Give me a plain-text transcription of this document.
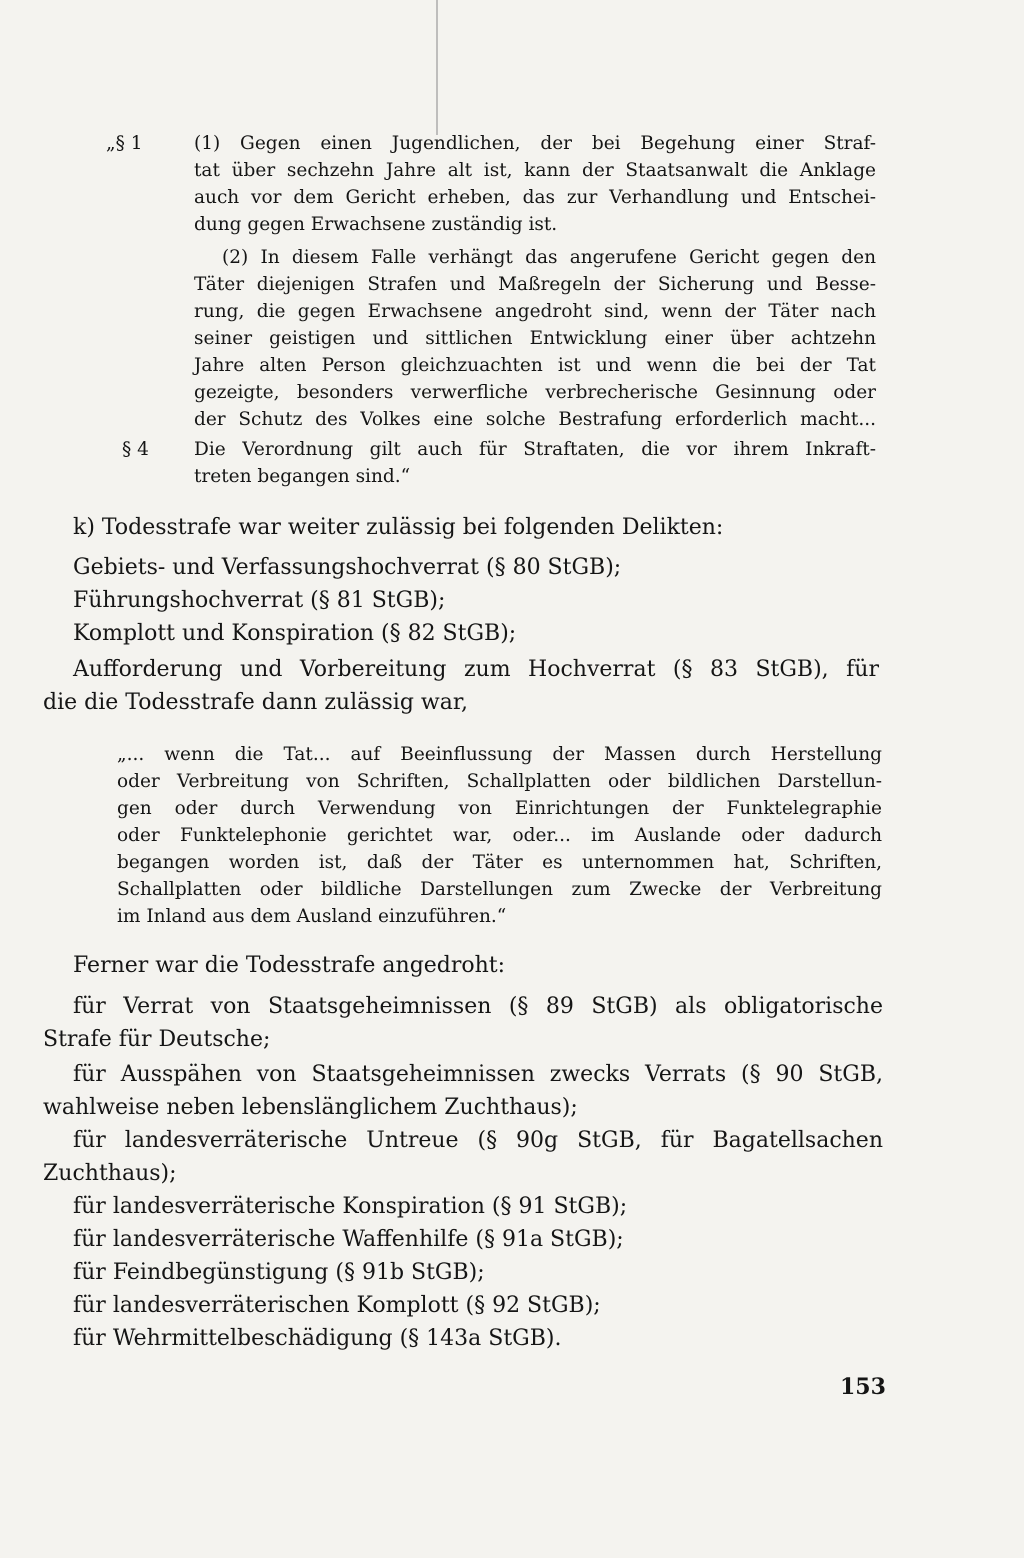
„§ 1	(1) Gegen einen Jugendlichen, der bei Begehung einer Straf-
tat über sechzehn Jahre alt ist, kann der Staatsanwalt die Anklage
auch vor dem Gericht erheben, das zur Verhandlung und Entschei-
dung gegen Erwachsene zuständig ist.
(2) In diesem Falle verhängt das angerufene Gericht gegen den
Täter diejenigen Strafen und Maßregeln der Sicherung und Besse-
rung, die gegen Erwachsene angedroht sind, wenn der Täter nach
seiner geistigen und sittlichen Entwicklung einer über achtzehn
Jahre alten Person gleichzuachten ist und wenn die bei der Tat
gezeigte, besonders verwerfliche verbrecherische Gesinnung oder
der Schutz des Volkes eine solche Bestrafung erforderlich macht...
§ 4 Die Verordnung gilt auch für Straftaten, die vor ihrem Inkraft-
treten begangen sind.“
k) Todesstrafe war weiter zulässig bei folgenden Delikten:
Gebiets- und Verfassungshochverrat (§ 80 StGB);
Führungshochverrat (§ 81 StGB);
Komplott und Konspiration (§ 82 StGB);
Aufforderung und Vorbereitung zum Hochverrat (§ 83 StGB), für
die die Todesstrafe dann zulässig war,
„... wenn die Tat... auf Beeinflussung der Massen durch Herstellung
oder Verbreitung von Schriften, Schallplatten oder bildlichen Darstellun-
gen oder durch Verwendung von Einrichtungen der Funktelegraphie
oder Funktelephonie gerichtet war, oder... im Auslande oder dadurch
begangen worden ist, daß der Täter es unternommen hat, Schriften,
Schallplatten oder bildliche Darstellungen zum Zwecke der Verbreitung
im Inland aus dem Ausland einzuführen.“
Ferner war die Todesstrafe angedroht:
für Verrat von Staatsgeheimnissen (§ 89 StGB) als obligatorische
Strafe für Deutsche;
für Ausspähen von Staatsgeheimnissen zwecks Verrats (§ 90 StGB,
wahlweise neben lebenslänglichem Zuchthaus);
für landesverräterische Untreue (§ 90g StGB, für Bagatellsachen
Zuchthaus);
für landesverräterische Konspiration (§ 91 StGB);
für landesverräterische Waffenhilfe (§ 91a StGB);
für Feindbegünstigung (§ 91b StGB);
für landesverräterischen Komplott (§ 92 StGB);
für Wehrmittelbeschädigung (§ 143a StGB).
153
